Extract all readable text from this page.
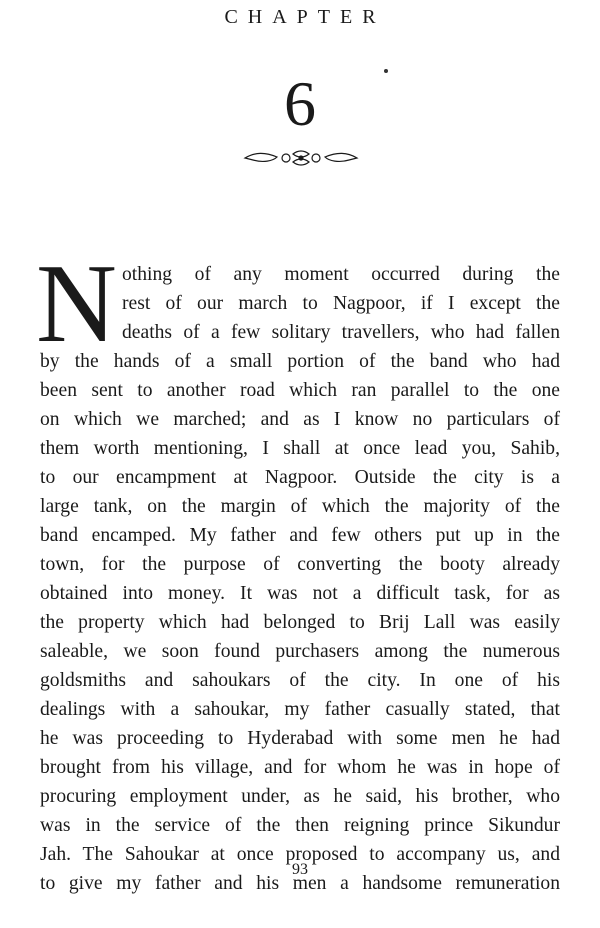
CHAPTER
6
N othing of any moment occurred during the
rest of our march to Nagpoor, if I except the
deaths of a few solitary travellers, who had fallen
by the hands of a small portion of the band who had
been sent to another road which ran parallel to the one
on which we marched; and as I know no particulars of
them worth mentioning, I shall at once lead you, Sahib,
to our encampment at Nagpoor. Outside the city is a
large tank, on the margin of which the majority of the
band encamped. My father and few others put up in the
town, for the purpose of converting the booty already
obtained into money. It was not a difficult task, for as
the property which had belonged to Brij Lall was easily
saleable, we soon found purchasers among the numerous
goldsmiths and sahoukars of the city. In one of his
dealings with a sahoukar, my father casually stated, that
he was proceeding to Hyderabad with some men he had
brought from his village, and for whom he was in hope of
procuring employment under, as he said, his brother, who
was in the service of the then reigning prince Sikundur
Jah. The Sahoukar at once proposed to accompany us, and
to give my father and his men a handsome remuneration
93
